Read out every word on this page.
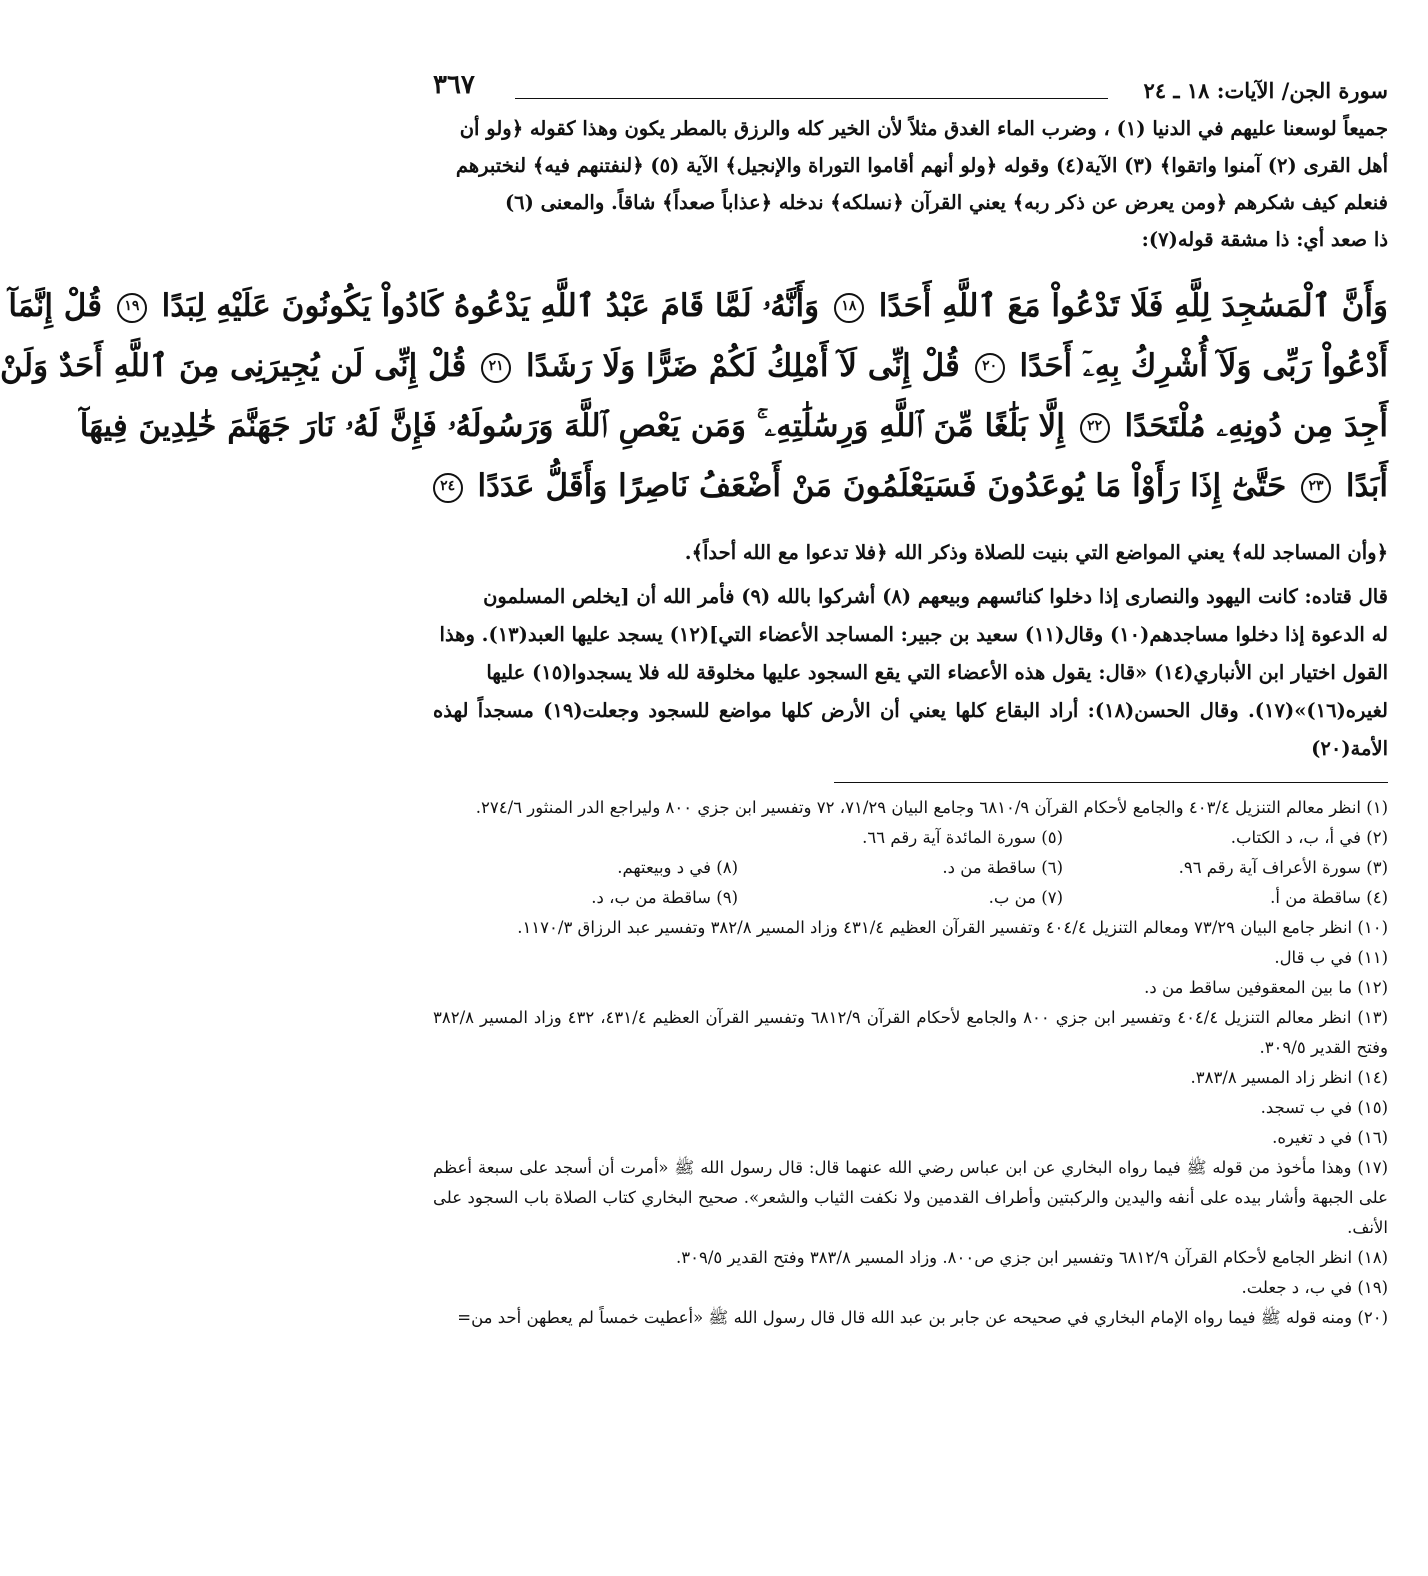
سورة الجن/ الآيات: ١٨ ـ ٢٤
٣٦٧

جميعاً لوسعنا عليهم في الدنيا (١) ، وضرب الماء الغدق مثلاً لأن الخير كله والرزق بالمطر يكون وهذا كقوله ﴿ولو أن

أهل القرى (٢) آمنوا واتقوا﴾ (٣) الآية(٤) وقوله ﴿ولو أنهم أقاموا التوراة والإنجيل﴾ الآية (٥) ﴿لنفتنهم فيه﴾ لنختبرهم

فنعلم كيف شكرهم ﴿ومن يعرض عن ذكر ربه﴾ يعني القرآن ﴿نسلكه﴾ ندخله ﴿عذاباً صعداً﴾ شاقاً. والمعنى (٦)

ذا صعد أي: ذا مشقة قوله(٧):

وَأَنَّ ٱلْمَسَٰجِدَ لِلَّهِ فَلَا تَدْعُواْ مَعَ ٱللَّهِ أَحَدًا ١٨ وَأَنَّهُۥ لَمَّا قَامَ عَبْدُ ٱللَّهِ يَدْعُوهُ كَادُواْ يَكُونُونَ عَلَيْهِ لِبَدًا ١٩ قُلْ إِنَّمَآ
أَدْعُواْ رَبِّى وَلَآ أُشْرِكُ بِهِۦٓ أَحَدًا ٢٠ قُلْ إِنِّى لَآ أَمْلِكُ لَكُمْ ضَرًّا وَلَا رَشَدًا ٢١ قُلْ إِنِّى لَن يُجِيرَنِى مِنَ ٱللَّهِ أَحَدٌ وَلَنْ
أَجِدَ مِن دُونِهِۦ مُلْتَحَدًا ٢٢ إِلَّا بَلَٰغًا مِّنَ ٱللَّهِ وَرِسَٰلَٰتِهِۦ ۚ وَمَن يَعْصِ ٱللَّهَ وَرَسُولَهُۥ فَإِنَّ لَهُۥ نَارَ جَهَنَّمَ خَٰلِدِينَ فِيهَآ
أَبَدًا ٢٣ حَتَّىٰٓ إِذَا رَأَوْاْ مَا يُوعَدُونَ فَسَيَعْلَمُونَ مَنْ أَضْعَفُ نَاصِرًا وَأَقَلُّ عَدَدًا ٢٤

﴿وأن المساجد لله﴾ يعني المواضع التي بنيت للصلاة وذكر الله ﴿فلا تدعوا مع الله أحداً﴾.

قال قتاده: كانت اليهود والنصارى إذا دخلوا كنائسهم وبيعهم (٨) أشركوا بالله (٩) فأمر الله أن [يخلص المسلمون

له الدعوة إذا دخلوا مساجدهم(١٠) وقال(١١) سعيد بن جبير: المساجد الأعضاء التي](١٢) يسجد عليها العبد(١٣). وهذا

القول اختيار ابن الأنباري(١٤) «قال: يقول هذه الأعضاء التي يقع السجود عليها مخلوقة لله فلا يسجدوا(١٥) عليها

لغيره(١٦)»(١٧). وقال الحسن(١٨): أراد البقاع كلها يعني أن الأرض كلها مواضع للسجود وجعلت(١٩) مسجداً لهذه الأمة(٢٠)

(١) انظر معالم التنزيل ٤٠٣/٤ والجامع لأحكام القرآن ٦٨١٠/٩ وجامع البيان ٧١/٢٩، ٧٢ وتفسير ابن جزي ٨٠٠ وليراجع الدر المنثور ٢٧٤/٦.

(٢) في أ، ب، د الكتاب.

(٥) سورة المائدة آية رقم ٦٦.

(٣) سورة الأعراف آية رقم ٩٦.

(٦) ساقطة من د.

(٨) في د وبيعتهم.

(٤) ساقطة من أ.

(٧) من ب.

(٩) ساقطة من ب، د.

(١٠) انظر جامع البيان ٧٣/٢٩ ومعالم التنزيل ٤٠٤/٤ وتفسير القرآن العظيم ٤٣١/٤ وزاد المسير ٣٨٢/٨ وتفسير عبد الرزاق ١١٧٠/٣.

(١١) في ب قال.

(١٢) ما بين المعقوفين ساقط من د.

(١٣) انظر معالم التنزيل ٤٠٤/٤ وتفسير ابن جزي ٨٠٠ والجامع لأحكام القرآن ٦٨١٢/٩ وتفسير القرآن العظيم ٤٣١/٤، ٤٣٢ وزاد المسير ٣٨٢/٨ وفتح القدير ٣٠٩/٥.

(١٤) انظر زاد المسير ٣٨٣/٨.

(١٥) في ب تسجد.

(١٦) في د تغيره.

(١٧) وهذا مأخوذ من قوله ﷺ فيما رواه البخاري عن ابن عباس رضي الله عنهما قال: قال رسول الله ﷺ «أمرت أن أسجد على سبعة أعظم على الجبهة وأشار بيده على أنفه واليدين والركبتين وأطراف القدمين ولا نكفت الثياب والشعر». صحيح البخاري كتاب الصلاة باب السجود على الأنف.

(١٨) انظر الجامع لأحكام القرآن ٦٨١٢/٩ وتفسير ابن جزي ص٨٠٠. وزاد المسير ٣٨٣/٨ وفتح القدير ٣٠٩/٥.

(١٩) في ب، د جعلت.

(٢٠) ومنه قوله ﷺ فيما رواه الإمام البخاري في صحيحه عن جابر بن عبد الله قال قال رسول الله ﷺ «أعطيت خمساً لم يعطهن أحد من=
